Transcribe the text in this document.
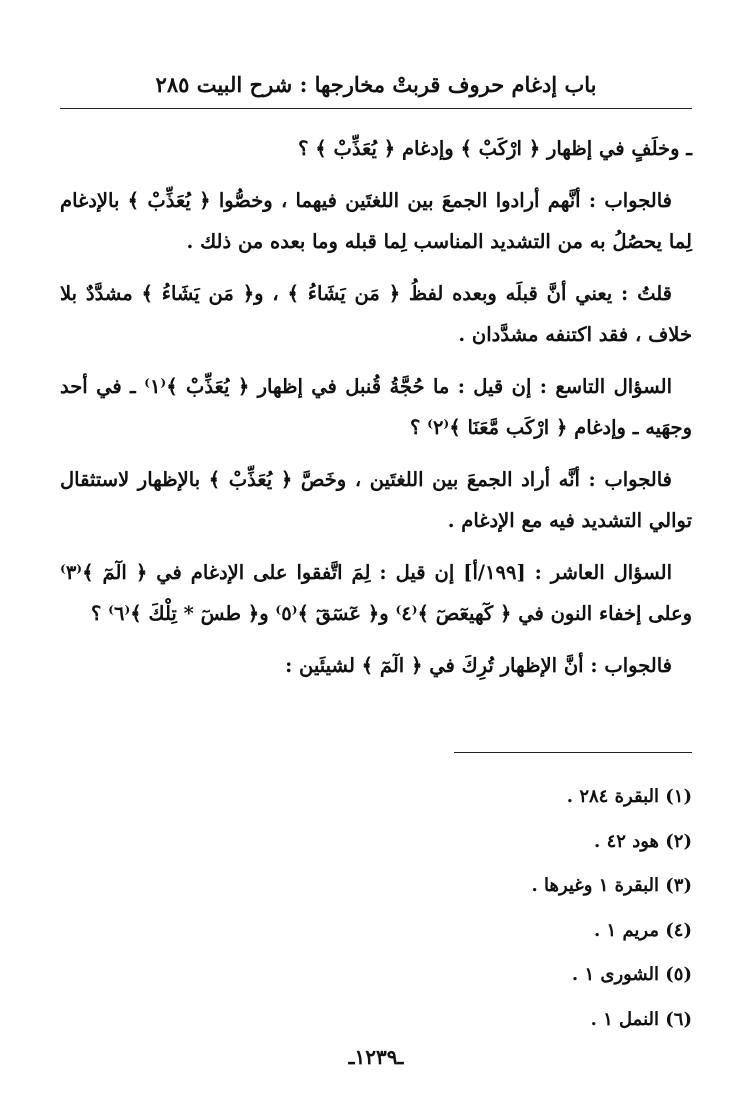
باب إدغام حروف قربتْ مخارجها : شرح البيت ٢٨٥

ـ وخلَفٍ في إظهار ﴿ ارْكَبْ ﴾ وإدغام ﴿ يُعَذِّبْ ﴾ ؟

فالجواب : أنَّهم أرادوا الجمعَ بين اللغتَين فيهما ، وخصُّوا ﴿ يُعَذِّبْ ﴾ بالإدغام لِما يحصُلُ به من التشديد المناسب لِما قبله وما بعده من ذلك .

قلتُ : يعني أنَّ قبلَه وبعده لفظُ ﴿ مَن يَشَاءُ ﴾ ، و﴿ مَن يَشَاءُ ﴾ مشدَّدٌ بلا خلاف ، فقد اكتنفه مشدَّدان .

السؤال التاسع : إن قيل : ما حُجَّةُ قُنبل في إظهار ﴿ يُعَذِّبْ ﴾⁽١⁾ ـ في أحد وجهَيه ـ وإدغام ﴿ ارْكَب مَّعَنَا ﴾⁽٢⁾ ؟

فالجواب : أنَّه أراد الجمعَ بين اللغتَين ، وخَصَّ ﴿ يُعَذِّبْ ﴾ بالإظهار لاستثقال توالي التشديد فيه مع الإدغام .

السؤال العاشر : [١٩٩/أ] إن قيل : لِمَ اتَّفقوا على الإدغام في ﴿ الٓمٓ ﴾⁽٣⁾ وعلى إخفاء النون في ﴿ كٓهيعٓصٓ ﴾⁽٤⁾ و﴿ عٓسٓقٓ ﴾⁽٥⁾ و﴿ طسٓ * تِلْكَ ﴾⁽٦⁾ ؟

فالجواب : أنَّ الإظهار تُرِكَ في ﴿ الٓمٓ ﴾ لشيئَين :

(١) البقرة ٢٨٤ .
(٢) هود ٤٢ .
(٣) البقرة ١ وغيرها .
(٤) مريم ١ .
(٥) الشورى ١ .
(٦) النمل ١ .
ـ١٢٣٩ـ
